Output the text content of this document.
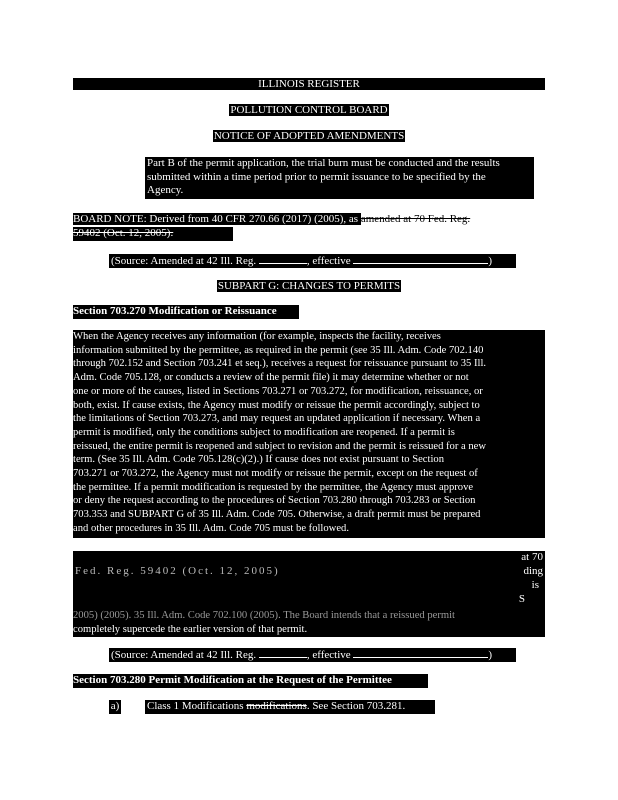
ILLINOIS REGISTER
POLLUTION CONTROL BOARD
NOTICE OF ADOPTED AMENDMENTS
Part B of the permit application, the trial burn must be conducted and the results
submitted within a time period prior to permit issuance to be specified by the
Agency.
BOARD NOTE: Derived from 40 CFR 270.66 (2017) (2005), as amended at 70 Fed. Reg.
59402 (Oct. 12, 2005).
(Source: Amended at 42 Ill. Reg.	, effective	)
SUBPART G: CHANGES TO PERMITS
Section 703.270 Modification or Reissuance
When the Agency receives any information (for example, inspects the facility, receives
information submitted by the permittee, as required in the permit (see 35 Ill. Adm. Code 702.140
through 702.152 and Section 703.241 et seq.), receives a request for reissuance pursuant to 35 Ill.
Adm. Code 705.128, or conducts a review of the permit file) it may determine whether or not
one or more of the causes, listed in Sections 703.271 or 703.272, for modification, reissuance, or
both, exist. If cause exists, the Agency must modify or reissue the permit accordingly, subject to
the limitations of Section 703.273, and may request an updated application if necessary. When a
permit is modified, only the conditions subject to modification are reopened. If a permit is
reissued, the entire permit is reopened and subject to revision and the permit is reissued for a new
term. (See 35 Ill. Adm. Code 705.128(c)(2).) If cause does not exist pursuant to Section
703.271 or 703.272, the Agency must not modify or reissue the permit, except on the request of
the permittee. If a permit modification is requested by the permittee, the Agency must approve
or deny the request according to the procedures of Section 703.280 through 703.283 or Section
703.353 and SUBPART G of 35 Ill. Adm. Code 705. Otherwise, a draft permit must be prepared
and other procedures in 35 Ill. Adm. Code 705 must be followed.
at 70
Fed. Reg. 59402 (Oct. 12, 2005)	ding
is
S
2005) (2005). 35 Ill. Adm. Code 702.100 (2005). The Board intends that a reissued permit
completely supercede the earlier version of that permit.
(Source: Amended at 42 Ill. Reg.	, effective	)
Section 703.280 Permit Modification at the Request of the Permittee
a)	Class 1 Modifications modifications. See Section 703.281.
